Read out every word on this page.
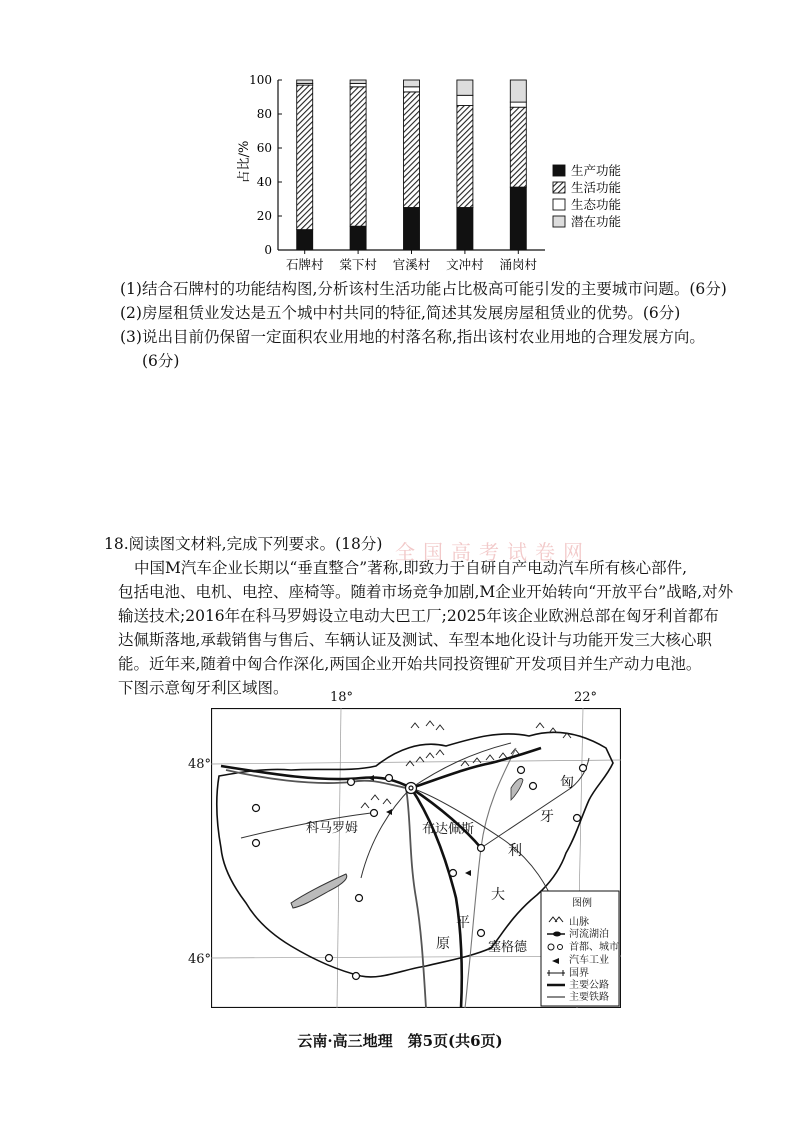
占比/%
0
20
40
60
80
100
石牌村 棠下村 官溪村 文冲村 涌岗村
生产功能
生活功能
生态功能
潜在功能
(1)结合石牌村的功能结构图,分析该村生活功能占比极高可能引发的主要城市问题。(6分)
(2)房屋租赁业发达是五个城中村共同的特征,简述其发展房屋租赁业的优势。(6分)
(3)说出目前仍保留一定面积农业用地的村落名称,指出该村农业用地的合理发展方向。
(6分)
18.阅读图文材料,完成下列要求。(18分) 全国高考试卷网
中国M汽车企业长期以“垂直整合”著称,即致力于自研自产电动汽车所有核心部件,
包括电池、电机、电控、座椅等。随着市场竞争加剧,M企业开始转向“开放平台”战略,对外
输送技术;2016年在科马罗姆设立电动大巴工厂;2025年该企业欧洲总部在匈牙利首都布
达佩斯落地,承载销售与售后、车辆认证及测试、车型本地化设计与功能开发三大核心职
能。近年来,随着中匈合作深化,两国企业开始共同投资锂矿开发项目并生产动力电池。
下图示意匈牙利区域图。
18°	22°
48°
46°
科马罗姆	布达佩斯
塞格德
匈
牙
利
大
平
原
图例
山脉
河流湖泊
首都、城市
汽车工业
国界
主要公路
主要铁路
云南·高三地理　第5页(共6页)
